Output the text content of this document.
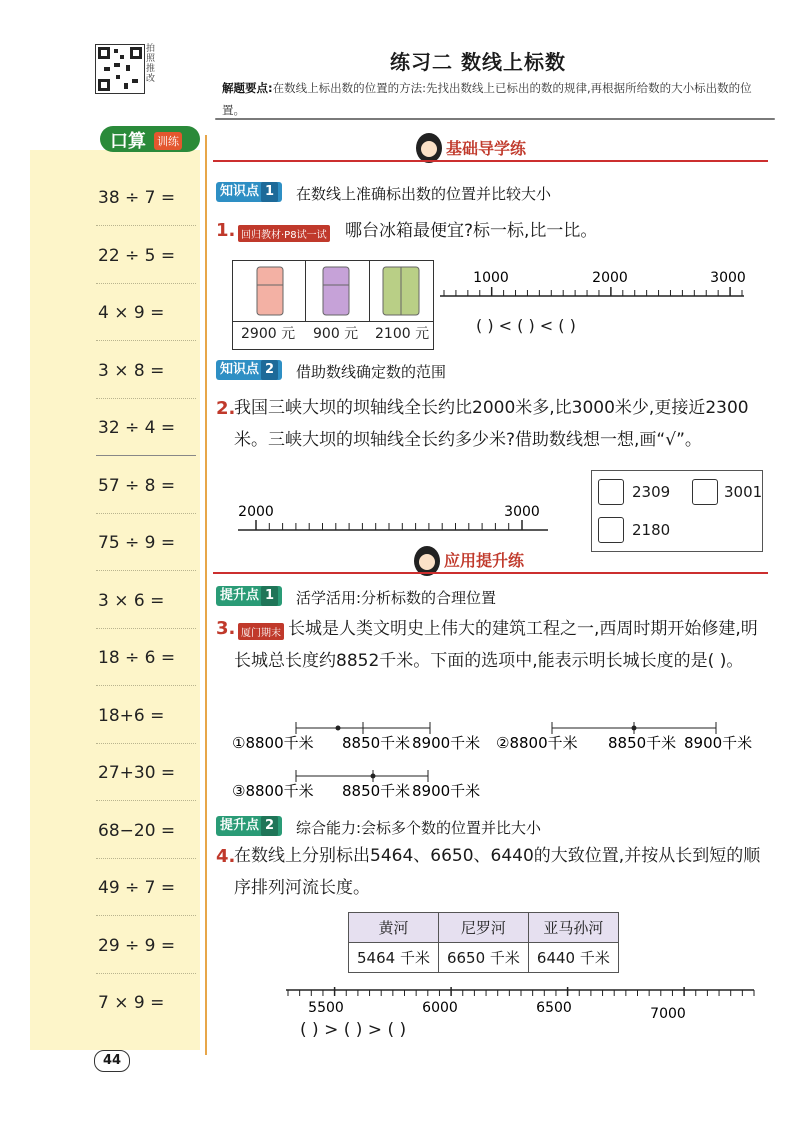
拍照推改
练习二 数线上标数
解题要点:在数线上标出数的位置的方法:先找出数线上已标出的数的规律,再根据所给数的大小标出数的位置。
口算 训练
38 ÷ 7 =
22 ÷ 5 =
4 × 9 =
3 × 8 =
32 ÷ 4 =
57 ÷ 8 =
75 ÷ 9 =
3 × 6 =
18 ÷ 6 =
18+6 =
27+30 =
68−20 =
49 ÷ 7 =
29 ÷ 9 =
7 × 9 =
基础导学练
知识点 1	在数线上准确标出数的位置并比较大小
1. 回归教材·P8试一试 哪台冰箱最便宜?标一标,比一比。
2900 元 900 元 2100 元
1000	2000	3000
( ) < ( ) < ( )
知识点 2	借助数线确定数的范围
2.
我国三峡大坝的坝轴线全长约比2000米多,比3000米少,更接近2300米。三峡大坝的坝轴线全长约多少米?借助数线想一想,画“√”。
2000	3000
2309	3001
2180
应用提升练
提升点 1	活学活用:分析标数的合理位置
3. 厦门期末 长城是人类文明史上伟大的建筑工程之一,西周时期开始修建,明长城总长度约8852千米。下面的选项中,能表示明长城长度的是( )。
①8800千米 8850千米 8900千米 ②8800千米 8850千米 8900千米
③8800千米 8850千米 8900千米
提升点 2	综合能力:会标多个数的位置并比大小
4.
在数线上分别标出5464、6650、6440的大致位置,并按从长到短的顺序排列河流长度。
黄河	尼罗河	亚马孙河
5464 千米	6650 千米	6440 千米
5500	6000	6500	7000
( ) > ( ) > ( )
44
